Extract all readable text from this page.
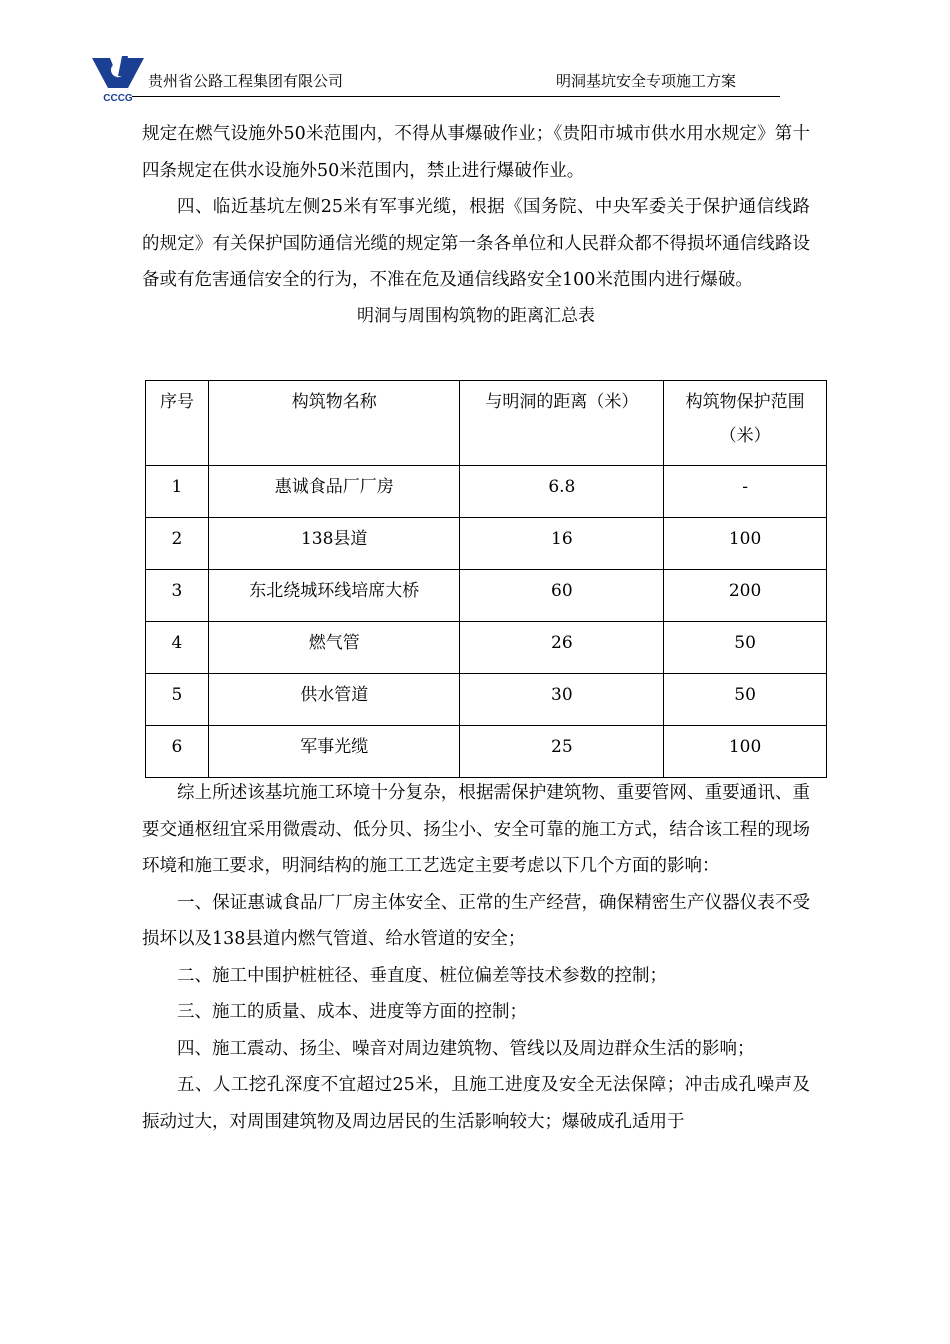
CCCG
贵州省公路工程集团有限公司	明洞基坑安全专项施工方案

规定在燃气设施外50米范围内，不得从事爆破作业；《贵阳市城市供水用水规定》第十四条规定在供水设施外50米范围内，禁止进行爆破作业。

四、临近基坑左侧25米有军事光缆，根据《国务院、中央军委关于保护通信线路的规定》有关保护国防通信光缆的规定第一条各单位和人民群众都不得损坏通信线路设备或有危害通信安全的行为，不准在危及通信线路安全100米范围内进行爆破。

明洞与周围构筑物的距离汇总表

序号	构筑物名称	与明洞的距离（米）	构筑物保护范围（米）
1	惠诚食品厂厂房	6.8	-
2	138县道	16	100
3	东北绕城环线培席大桥	60	200
4	燃气管	26	50
5	供水管道	30	50
6	军事光缆	25	100

综上所述该基坑施工环境十分复杂，根据需保护建筑物、重要管网、重要通讯、重要交通枢纽宜采用微震动、低分贝、扬尘小、安全可靠的施工方式，结合该工程的现场环境和施工要求，明洞结构的施工工艺选定主要考虑以下几个方面的影响：

一、保证惠诚食品厂厂房主体安全、正常的生产经营，确保精密生产仪器仪表不受损坏以及138县道内燃气管道、给水管道的安全；

二、施工中围护桩桩径、垂直度、桩位偏差等技术参数的控制；

三、施工的质量、成本、进度等方面的控制；

四、施工震动、扬尘、噪音对周边建筑物、管线以及周边群众生活的影响；

五、人工挖孔深度不宜超过25米，且施工进度及安全无法保障；冲击成孔噪声及振动过大，对周围建筑物及周边居民的生活影响较大；爆破成孔适用于
